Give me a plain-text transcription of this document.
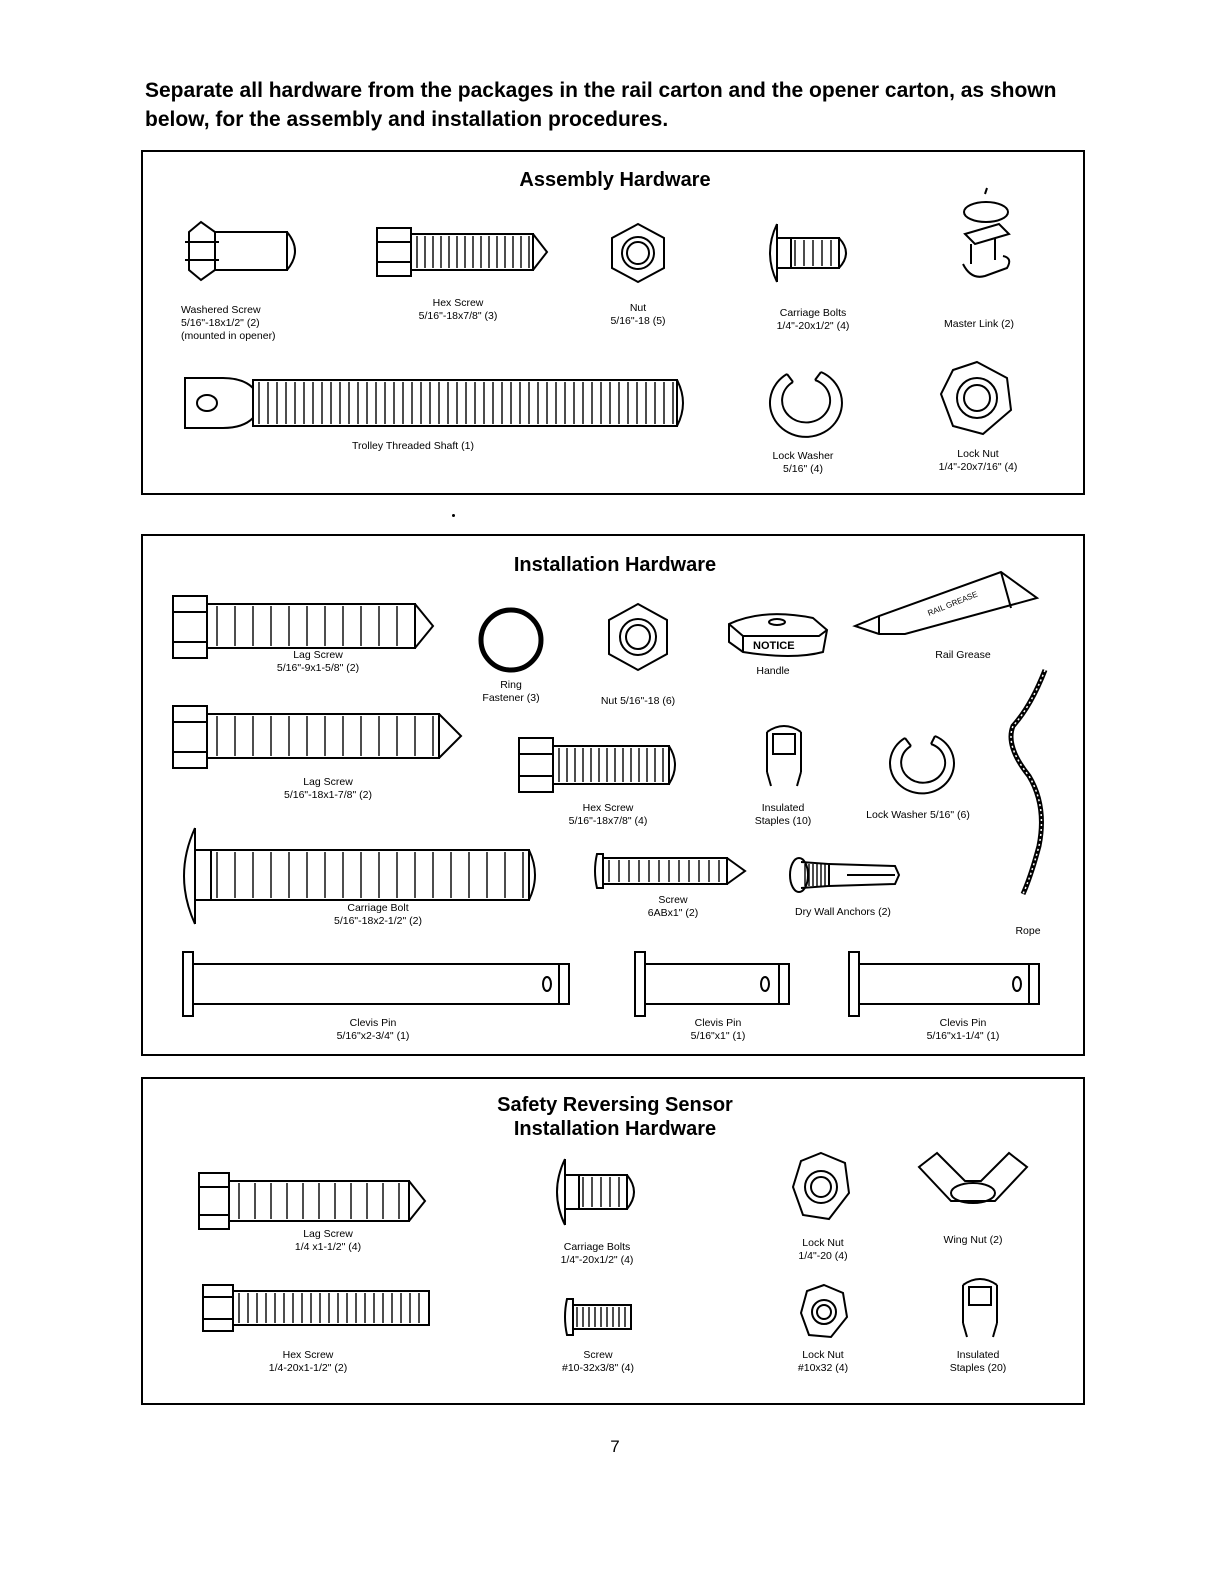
Separate all hardware from the packages in the rail carton and the opener carton, as shown below, for the assembly and installation procedures.

Assembly Hardware

Washered Screw
5/16"-18x1/2" (2)
(mounted in opener)
Hex Screw
5/16"-18x7/8" (3)
Nut
5/16"-18 (5)
Carriage Bolts
1/4"-20x1/2" (4)	Master Link (2)
Trolley Threaded Shaft (1)
Lock Washer
5/16" (4)
Lock Nut
1/4"-20x7/16" (4)

Installation Hardware

Lag Screw
5/16"-9x1-5/8" (2)
Ring
Fastener (3)	Nut 5/16"-18 (6)
NOTICE
Handle
RAIL GREASE
Rail Grease
Lag Screw
5/16"-18x1-7/8" (2)
Hex Screw
5/16"-18x7/8" (4)
Insulated
Staples (10)	Lock Washer 5/16" (6)
Rope
Carriage Bolt
5/16"-18x2-1/2" (2)
Screw
6ABx1" (2)	Dry Wall Anchors (2)
Clevis Pin
5/16"x2-3/4" (1)
Clevis Pin
5/16"x1" (1)
Clevis Pin
5/16"x1-1/4" (1)

Safety Reversing Sensor

Installation Hardware

Lag Screw
1/4 x1-1/2" (4)	Carriage Bolts
1/4"-20x1/2" (4)
Lock Nut
1/4"-20 (4)
Wing Nut (2)
Hex Screw
1/4-20x1-1/2" (2)
Screw
#10-32x3/8" (4)
Lock Nut
#10x32 (4)
Insulated
Staples (20)
7
